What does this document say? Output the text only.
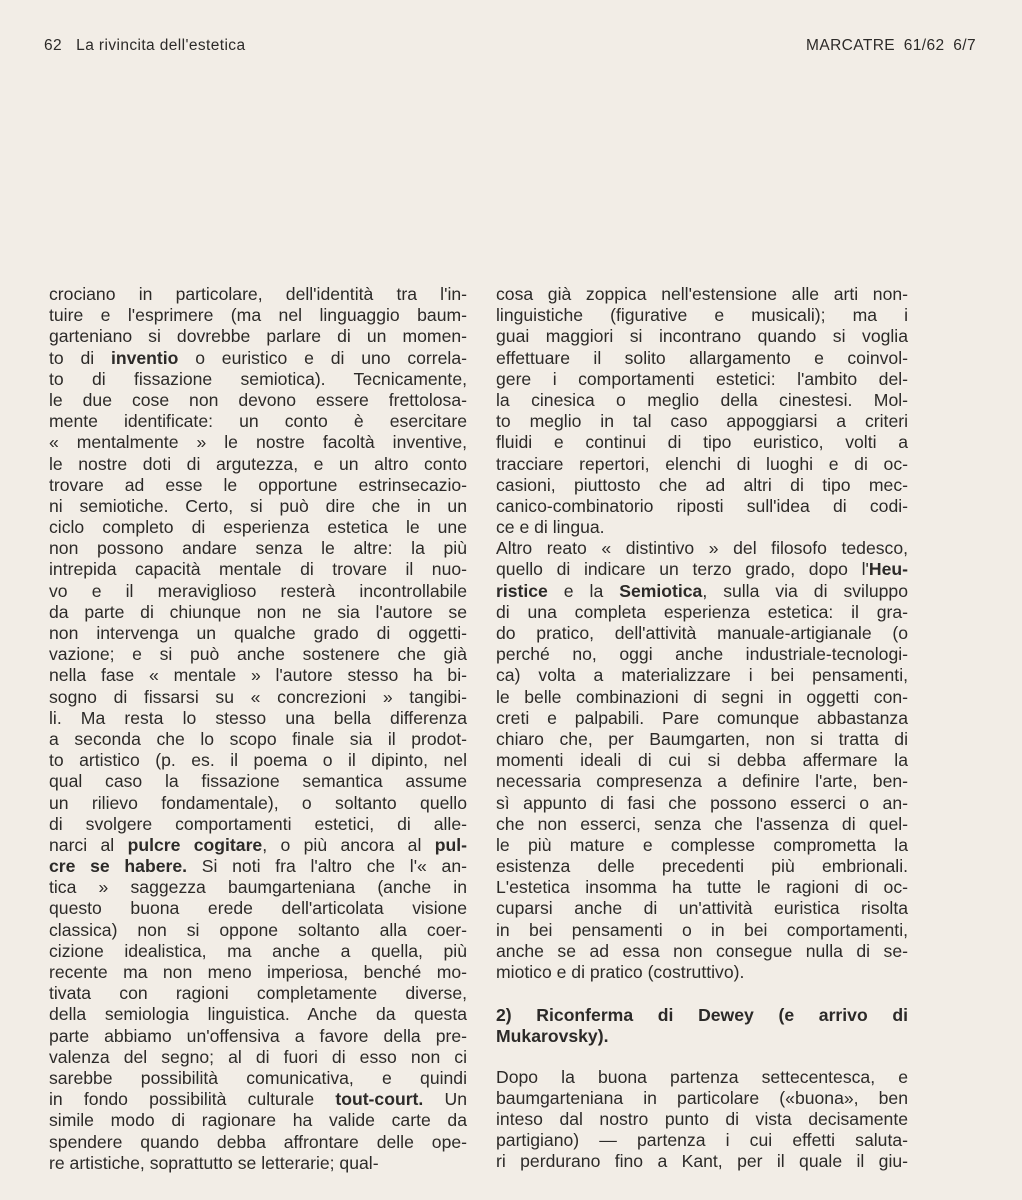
62 La rivincita dell'estetica	MARCATRE 61/62 6/7
crociano in particolare, dell'identità tra l'in-
tuire e l'esprimere (ma nel linguaggio baum-
garteniano si dovrebbe parlare di un momen-
to di inventio o euristico e di uno correla-
to di fissazione semiotica). Tecnicamente,
le due cose non devono essere frettolosa-
mente identificate: un conto è esercitare
« mentalmente » le nostre facoltà inventive,
le nostre doti di argutezza, e un altro conto
trovare ad esse le opportune estrinsecazio-
ni semiotiche. Certo, si può dire che in un
ciclo completo di esperienza estetica le une
non possono andare senza le altre: la più
intrepida capacità mentale di trovare il nuo-
vo e il meraviglioso resterà incontrollabile
da parte di chiunque non ne sia l'autore se
non intervenga un qualche grado di oggetti-
vazione; e si può anche sostenere che già
nella fase « mentale » l'autore stesso ha bi-
sogno di fissarsi su « concrezioni » tangibi-
li. Ma resta lo stesso una bella differenza
a seconda che lo scopo finale sia il prodot-
to artistico (p. es. il poema o il dipinto, nel
qual caso la fissazione semantica assume
un rilievo fondamentale), o soltanto quello
di svolgere comportamenti estetici, di alle-
narci al pulcre cogitare, o più ancora al pul-
cre se habere. Si noti fra l'altro che l'« an-
tica » saggezza baumgarteniana (anche in
questo buona erede dell'articolata visione
classica) non si oppone soltanto alla coer-
cizione idealistica, ma anche a quella, più
recente ma non meno imperiosa, benché mo-
tivata con ragioni completamente diverse,
della semiologia linguistica. Anche da questa
parte abbiamo un'offensiva a favore della pre-
valenza del segno; al di fuori di esso non ci
sarebbe possibilità comunicativa, e quindi
in fondo possibilità culturale tout-court. Un
simile modo di ragionare ha valide carte da
spendere quando debba affrontare delle ope-
re artistiche, soprattutto se letterarie; qual-
cosa già zoppica nell'estensione alle arti non-
linguistiche (figurative e musicali); ma i
guai maggiori si incontrano quando si voglia
effettuare il solito allargamento e coinvol-
gere i comportamenti estetici: l'ambito del-
la cinesica o meglio della cinestesi. Mol-
to meglio in tal caso appoggiarsi a criteri
fluidi e continui di tipo euristico, volti a
tracciare repertori, elenchi di luoghi e di oc-
casioni, piuttosto che ad altri di tipo mec-
canico-combinatorio riposti sull'idea di codi-
ce e di lingua.
Altro reato « distintivo » del filosofo tedesco,
quello di indicare un terzo grado, dopo l'Heu-
ristice e la Semiotica, sulla via di sviluppo
di una completa esperienza estetica: il gra-
do pratico, dell'attività manuale-artigianale (o
perché no, oggi anche industriale-tecnologi-
ca) volta a materializzare i bei pensamenti,
le belle combinazioni di segni in oggetti con-
creti e palpabili. Pare comunque abbastanza
chiaro che, per Baumgarten, non si tratta di
momenti ideali di cui si debba affermare la
necessaria compresenza a definire l'arte, ben-
sì appunto di fasi che possono esserci o an-
che non esserci, senza che l'assenza di quel-
le più mature e complesse comprometta la
esistenza delle precedenti più embrionali.
L'estetica insomma ha tutte le ragioni di oc-
cuparsi anche di un'attività euristica risolta
in bei pensamenti o in bei comportamenti,
anche se ad essa non consegue nulla di se-
miotico e di pratico (costruttivo).
2) Riconferma di Dewey (e arrivo di
Mukarovsky).
Dopo la buona partenza settecentesca, e
baumgarteniana in particolare («buona», ben
inteso dal nostro punto di vista decisamente
partigiano) — partenza i cui effetti saluta-
ri perdurano fino a Kant, per il quale il giu-
